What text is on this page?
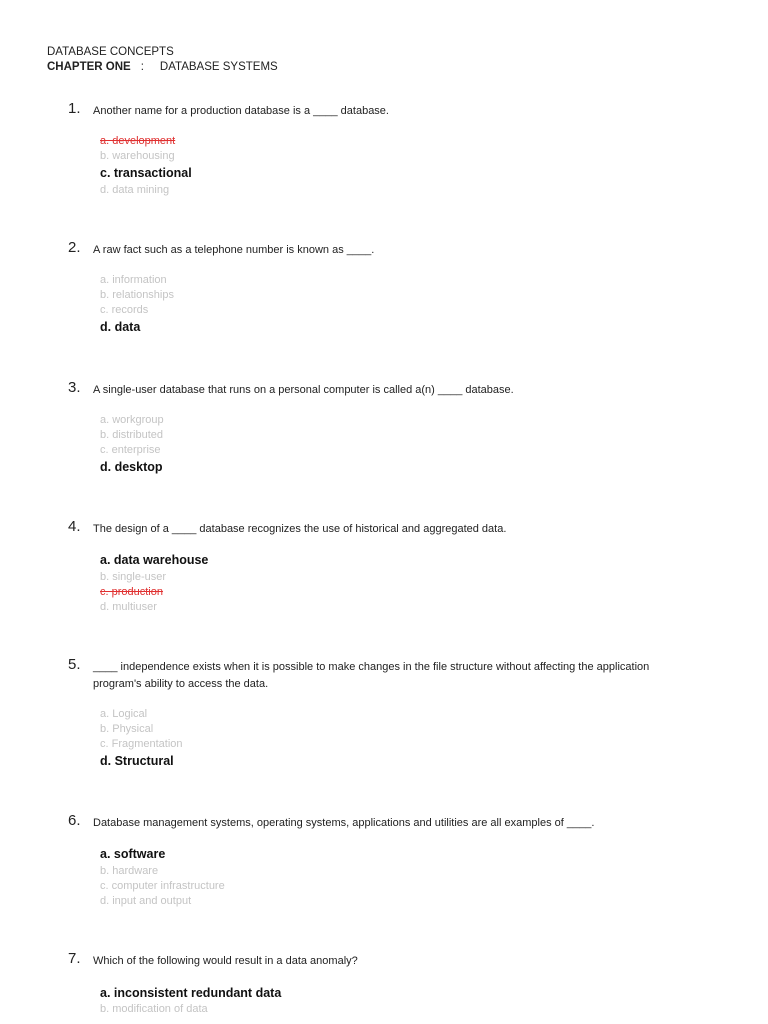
DATABASE CONCEPTS
CHAPTER ONE : DATABASE SYSTEMS
1. Another name for a production database is a ____ database.
a. development
b. warehousing
c. transactional
d. data mining
2. A raw fact such as a telephone number is known as ____.
a. information
b. relationships
c. records
d. data
3. A single-user database that runs on a personal computer is called a(n) ____ database.
a. workgroup
b. distributed
c. enterprise
d. desktop
4. The design of a ____ database recognizes the use of historical and aggregated data.
a. data warehouse
b. single-user
c. production
d. multiuser
5. ____ independence exists when it is possible to make changes in the file structure without affecting the application program's ability to access the data.
a. Logical
b. Physical
c. Fragmentation
d. Structural
6. Database management systems, operating systems, applications and utilities are all examples of ____.
a. software
b. hardware
c. computer infrastructure
d. input and output
7. Which of the following would result in a data anomaly?
a. inconsistent redundant data
b. modification of data
